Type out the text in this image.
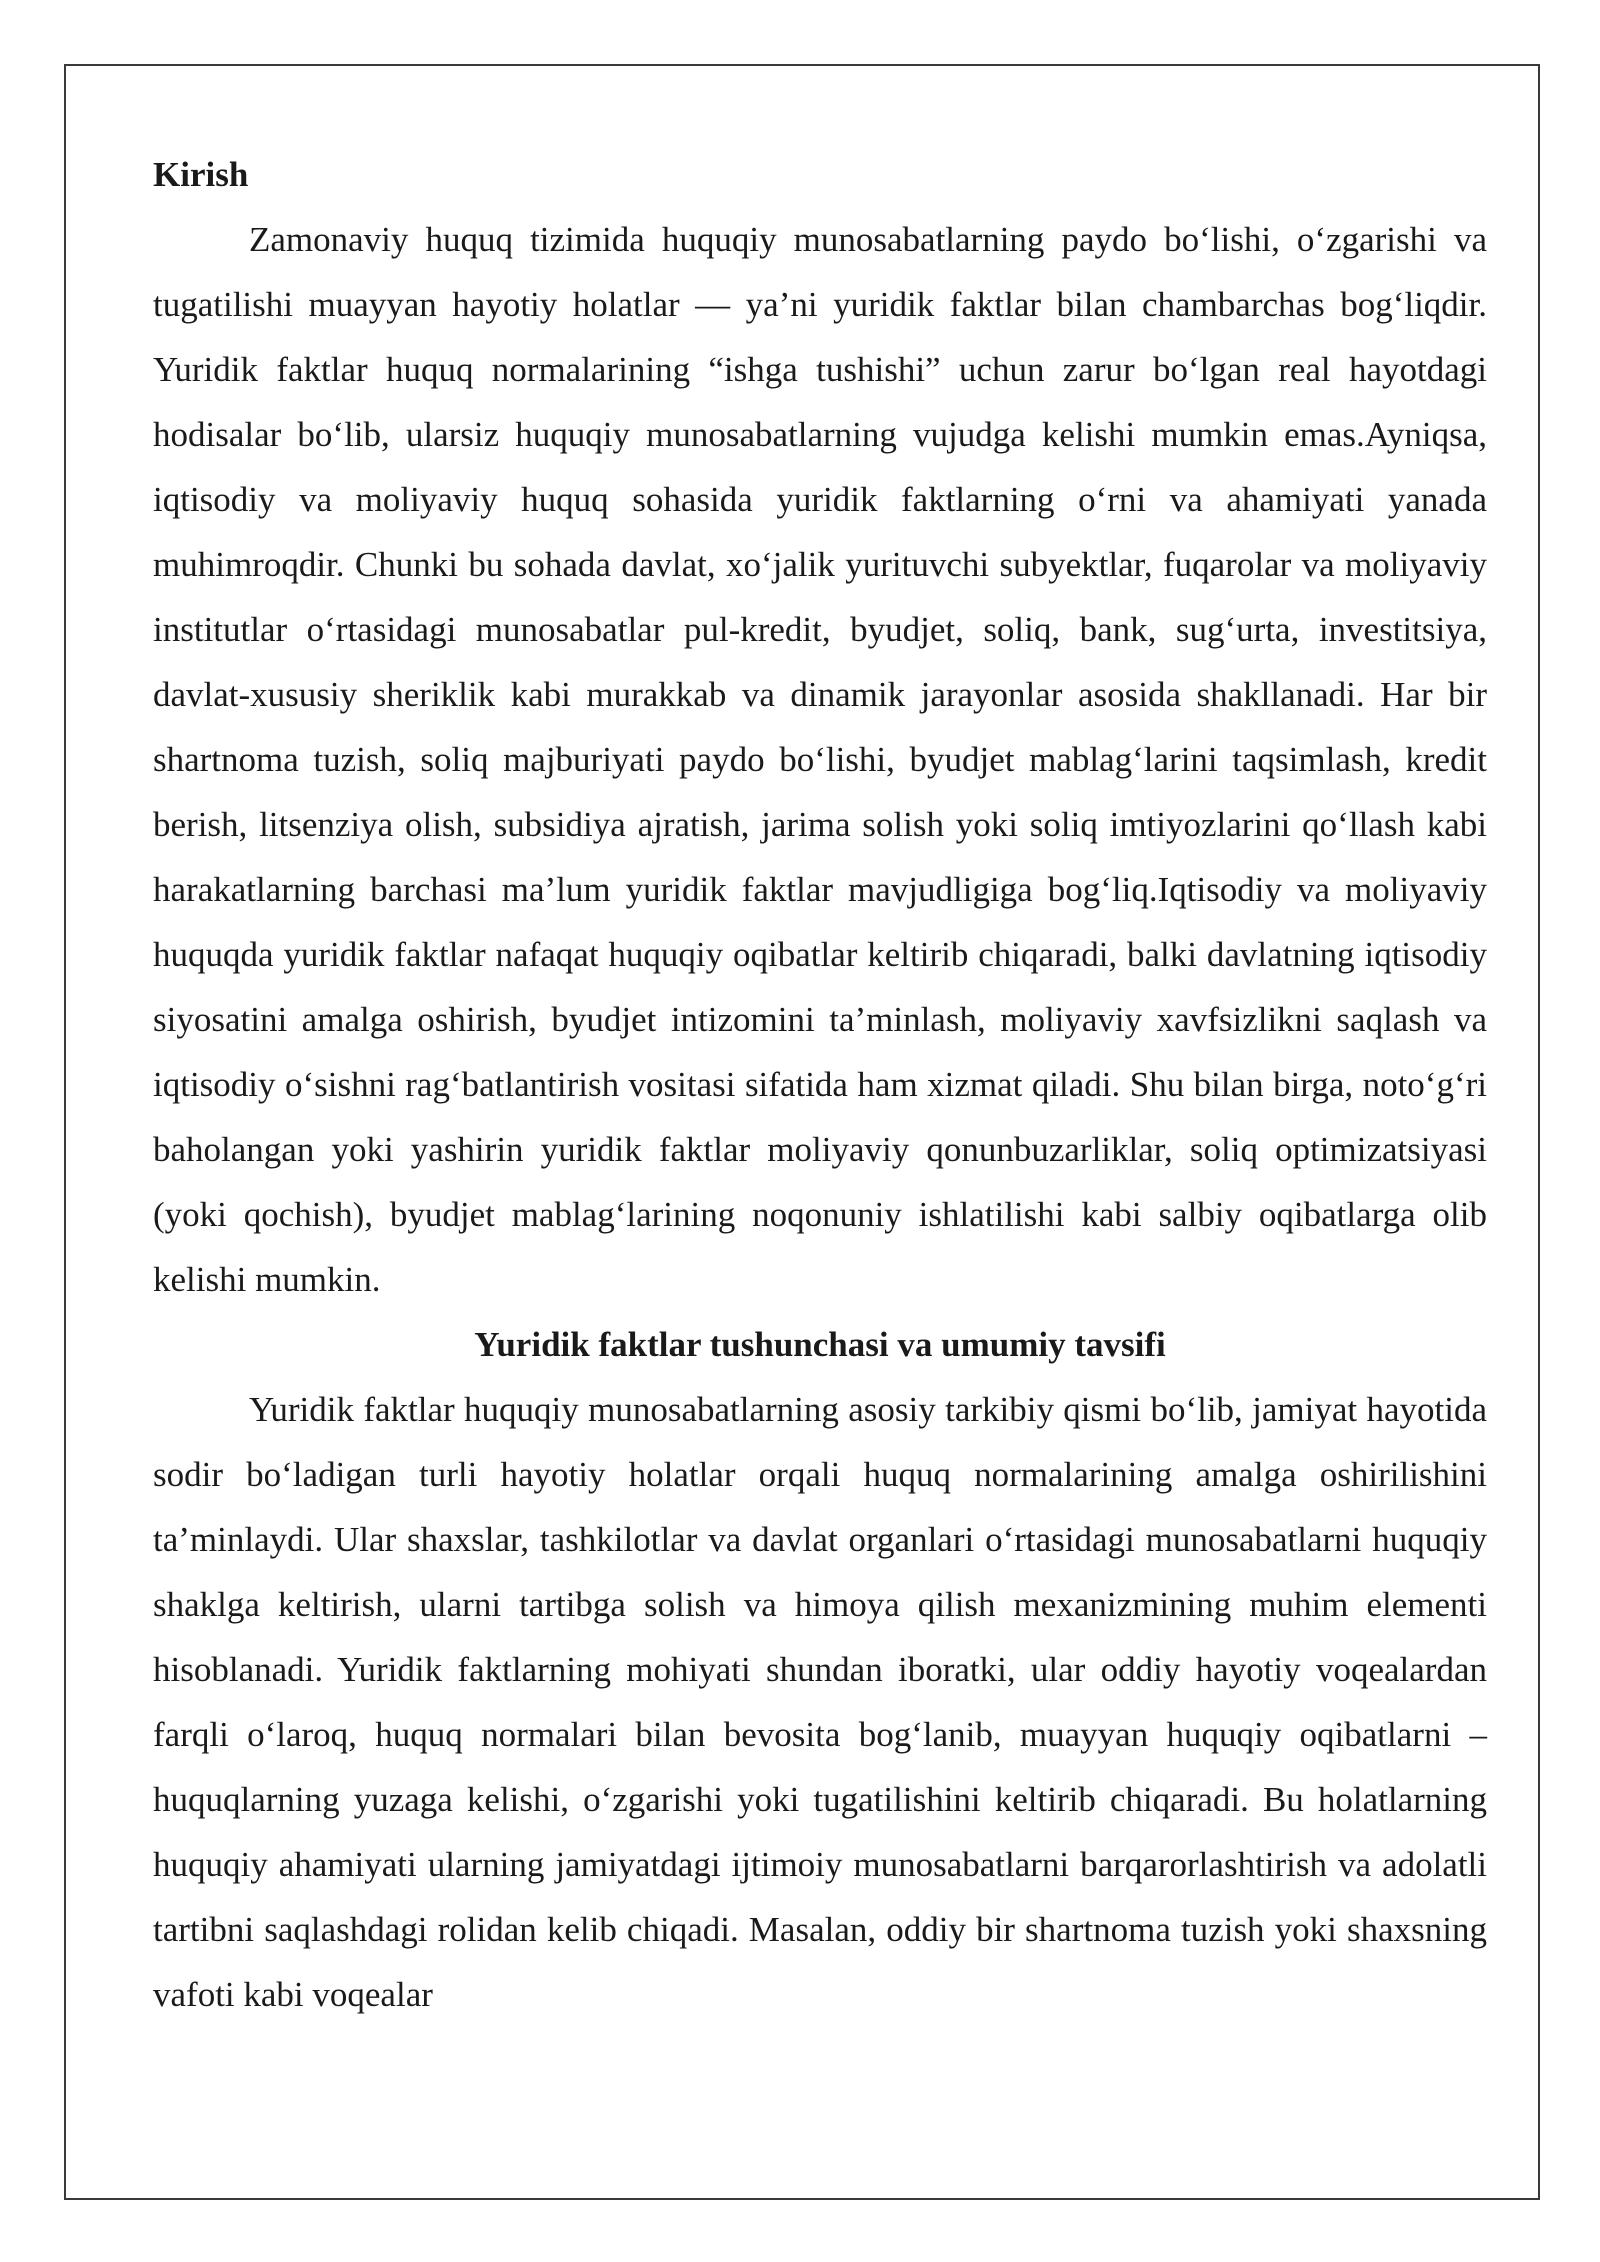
Kirish

Zamonaviy huquq tizimida huquqiy munosabatlarning paydo bo‘lishi, o‘zgarishi va tugatilishi muayyan hayotiy holatlar — ya’ni yuridik faktlar bilan chambarchas bog‘liqdir. Yuridik faktlar huquq normalarining “ishga tushishi” uchun zarur bo‘lgan real hayotdagi hodisalar bo‘lib, ularsiz huquqiy munosabatlarning vujudga kelishi mumkin emas.Ayniqsa, iqtisodiy va moliyaviy huquq sohasida yuridik faktlarning o‘rni va ahamiyati yanada muhimroqdir. Chunki bu sohada davlat, xo‘jalik yurituvchi subyektlar, fuqarolar va moliyaviy institutlar o‘rtasidagi munosabatlar pul-kredit, byudjet, soliq, bank, sug‘urta, investitsiya, davlat-xususiy sheriklik kabi murakkab va dinamik jarayonlar asosida shakllanadi. Har bir shartnoma tuzish, soliq majburiyati paydo bo‘lishi, byudjet mablag‘larini taqsimlash, kredit berish, litsenziya olish, subsidiya ajratish, jarima solish yoki soliq imtiyozlarini qo‘llash kabi harakatlarning barchasi ma’lum yuridik faktlar mavjudligiga bog‘liq.Iqtisodiy va moliyaviy huquqda yuridik faktlar nafaqat huquqiy oqibatlar keltirib chiqaradi, balki davlatning iqtisodiy siyosatini amalga oshirish, byudjet intizomini ta’minlash, moliyaviy xavfsizlikni saqlash va iqtisodiy o‘sishni rag‘batlantirish vositasi sifatida ham xizmat qiladi. Shu bilan birga, noto‘g‘ri baholangan yoki yashirin yuridik faktlar moliyaviy qonunbuzarliklar, soliq optimizatsiyasi (yoki qochish), byudjet mablag‘larining noqonuniy ishlatilishi kabi salbiy oqibatlarga olib kelishi mumkin.

Yuridik faktlar tushunchasi va umumiy tavsifi

Yuridik faktlar huquqiy munosabatlarning asosiy tarkibiy qismi bo‘lib, jamiyat hayotida sodir bo‘ladigan turli hayotiy holatlar orqali huquq normalarining amalga oshirilishini ta’minlaydi. Ular shaxslar, tashkilotlar va davlat organlari o‘rtasidagi munosabatlarni huquqiy shaklga keltirish, ularni tartibga solish va himoya qilish mexanizmining muhim elementi hisoblanadi. Yuridik faktlarning mohiyati shundan iboratki, ular oddiy hayotiy voqealardan farqli o‘laroq, huquq normalari bilan bevosita bog‘lanib, muayyan huquqiy oqibatlarni – huquqlarning yuzaga kelishi, o‘zgarishi yoki tugatilishini keltirib chiqaradi. Bu holatlarning huquqiy ahamiyati ularning jamiyatdagi ijtimoiy munosabatlarni barqarorlashtirish va adolatli tartibni saqlashdagi rolidan kelib chiqadi. Masalan, oddiy bir shartnoma tuzish yoki shaxsning vafoti kabi voqealar
